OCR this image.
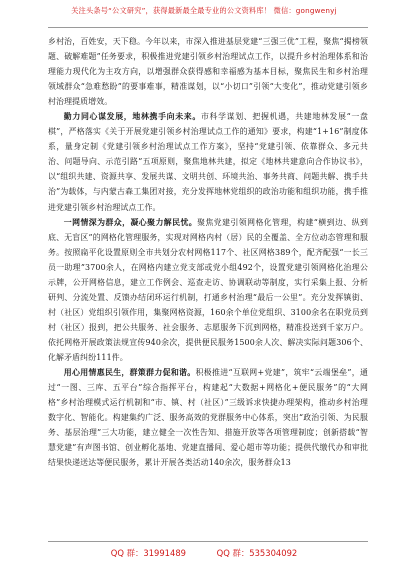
关注头条号“公文研究”，获得最新最全最专业的公文资料库！ 微信：gongwenyj

乡村治，百姓安，天下稳。今年以来，市深入推进基层党建“三强三优”工程，聚焦“揭榜领题、破解难题”任务要求，积极推进党建引领乡村治理试点工作，以提升乡村治理体系和治理能力现代化为主攻方向，以增强群众获得感和幸福感为基本目标，聚焦民生和乡村治理领域群众“急难愁盼”的要事难事，精准谋划，以“小切口”引领“大变化”，推动党建引领乡村治理提质增效。

勤力同心谋发展，地林携手向未来。市科学谋划、把握机遇，共建地林发展“一盘棋”，严格落实《关于开展党建引领乡村治理试点工作的通知》要求，构建“1+16”制度体系，量身定制《党建引领乡村治理试点工作方案》，坚持“党建引领、依靠群众、多元共治、问题导向、示范引路”五项原则，聚焦地林共建，拟定《地林共建意向合作协议书》，以“组织共建、资源共享、发展共谋、文明共创、环境共治、事务共商、问题共解、携手共治”为载体，与内蒙古森工集团对接，充分发挥地林党组织的政治功能和组织功能，携手推进党建引领乡村治理试点工作。

一网情深为群众，凝心聚力解民忧。聚焦党建引领网格化管理，构建“横到边、纵到底、无盲区”的网格化管理服务，实现对网格内村（居）民的全覆盖、全方位动态管理和服务。按照扁平化设置原则全市共划分农村网格117个、社区网格389个，配齐配强“一长三员一助理”3700余人，在网格内建立党支部或党小组492个，设置党建引领网格化治理公示牌，公开网格信息，建立工作例会、巡查走访、协调联动等制度，实行采集上报、分析研判、分流处置、反馈办结闭环运行机制，打通乡村治理“最后一公里”。充分发挥镇街、村（社区）党组织引领作用，集聚网格资源，160余个单位党组织、3100余名在职党员到村（社区）报到，把公共服务、社会服务、志愿服务下沉到网格，精准投送到千家万户。依托网格开展政策法规宣传940余次，提供便民服务1500余人次、解决实际问题306个、化解矛盾纠纷111件。

用心用情惠民生，群策群力促和谐。积极推进“互联网+党建”，筑牢“云端堡垒”，通过“一图、三库、五平台”综合指挥平台，构建起“大数据+网格化+便民服务”的“大网格”乡村治理模式运行机制和“市、镇、村（社区）”三级诉求快捷办理架构，推动乡村治理数字化、智能化。构建集约广泛、服务高效的党群服务中心体系，突出“政治引领、为民服务、基层治理”三大功能，建立健全一次性告知、措施开放等各项管理制度；创新搭载“智慧党建”有声图书馆、创业孵化基地、党建直播间、爱心超市等功能；提供代缴代办和审批结果快递送达等便民服务，累计开展各类活动140余次，服务群众13

QQ 群：31991489	QQ 群：535304092
